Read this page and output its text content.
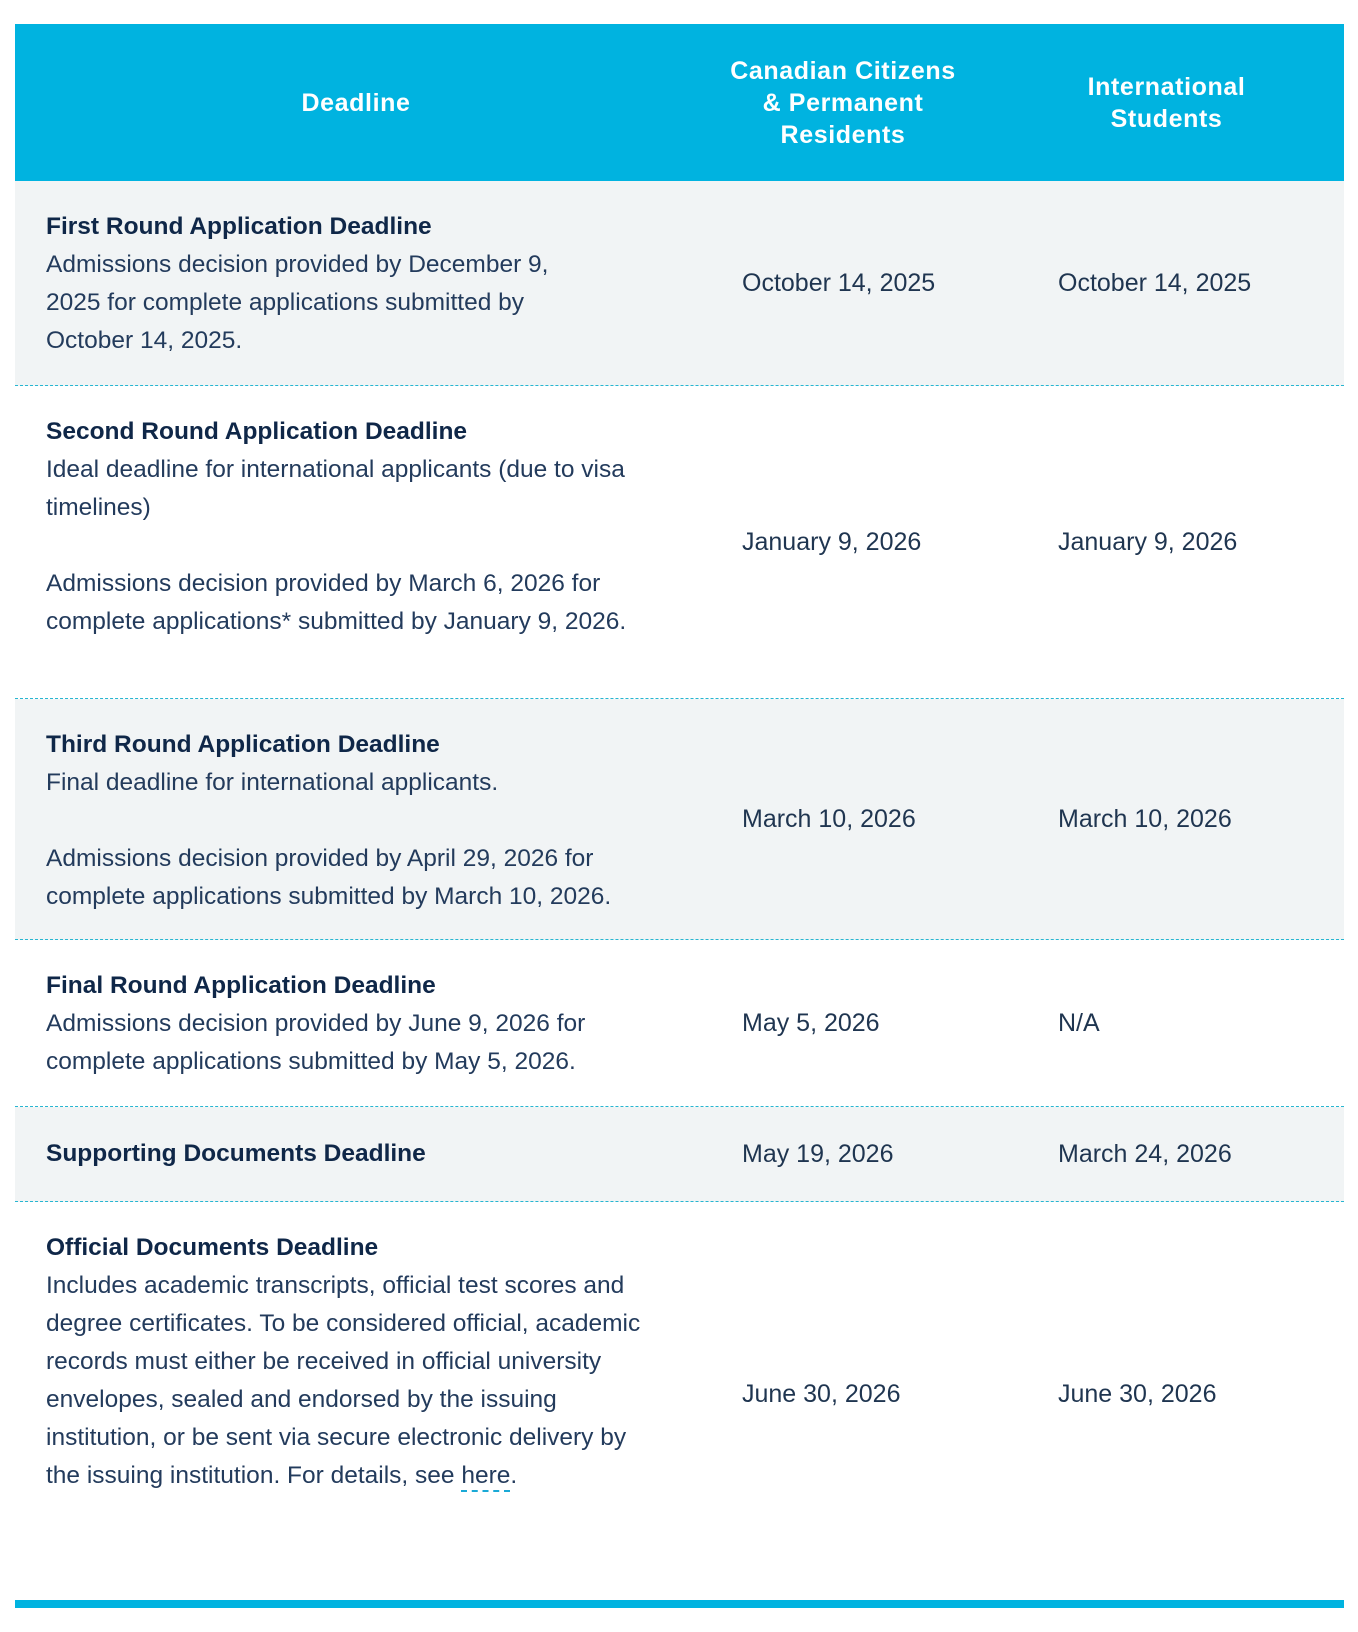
Deadline
Canadian Citizens & Permanent Residents
International Students
First Round Application Deadline
Admissions decision provided by December 9, 2025 for complete applications submitted by October 14, 2025.
October 14, 2025	October 14, 2025
Second Round Application Deadline
Ideal deadline for international applicants (due to visa timelines)
Admissions decision provided by March 6, 2026 for complete applications* submitted by January 9, 2026.
January 9, 2026	January 9, 2026
Third Round Application Deadline
Final deadline for international applicants.
Admissions decision provided by April 29, 2026 for complete applications submitted by March 10, 2026.
March 10, 2026	March 10, 2026
Final Round Application Deadline
Admissions decision provided by June 9, 2026 for complete applications submitted by May 5, 2026.
May 5, 2026	N/A
Supporting Documents Deadline	May 19, 2026	March 24, 2026
Official Documents Deadline
Includes academic transcripts, official test scores and degree certificates. To be considered official, academic records must either be received in official university envelopes, sealed and endorsed by the issuing institution, or be sent via secure electronic delivery by the issuing institution. For details, see here.
June 30, 2026	June 30, 2026
